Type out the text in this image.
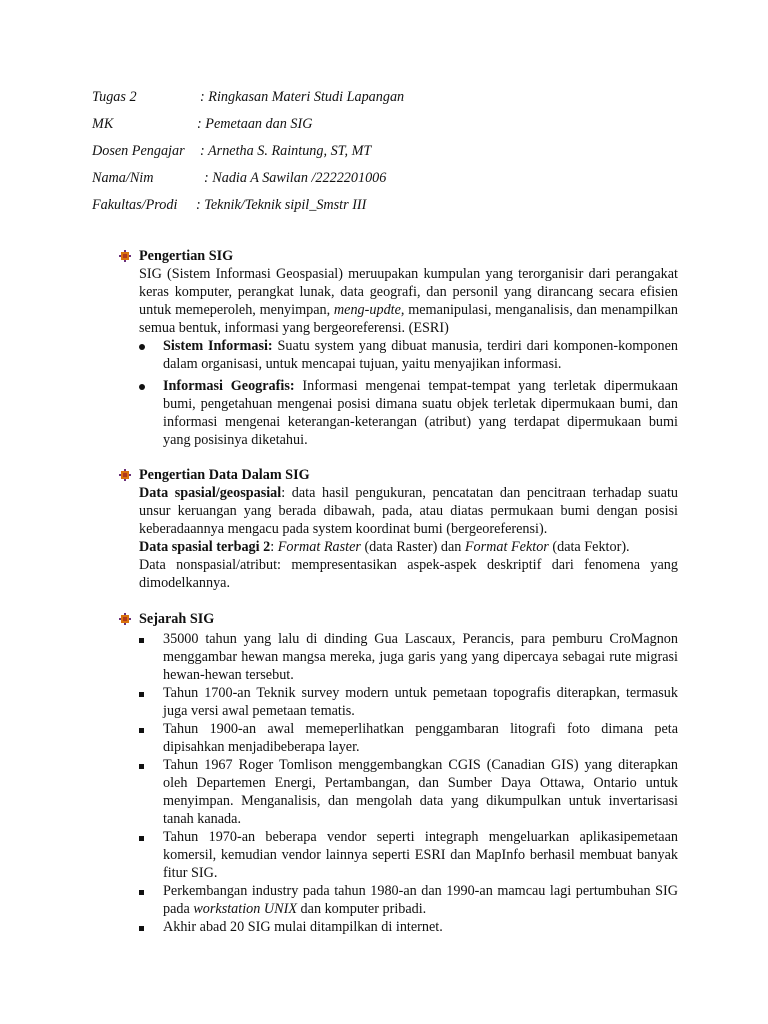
Tugas 2	: Ringkasan Materi Studi Lapangan
MK	: Pemetaan dan SIG
Dosen Pengajar : Arnetha S. Raintung, ST, MT
Nama/Nim	: Nadia A Sawilan /2222201006
Fakultas/Prodi : Teknik/Teknik sipil_Smstr III
Pengertian SIG
SIG (Sistem Informasi Geospasial) meruupakan kumpulan yang terorganisir dari perangakat keras komputer, perangkat lunak, data geografi, dan personil yang dirancang secara efisien untuk memeperoleh, menyimpan, meng-updte, memanipulasi, menganalisis, dan menampilkan semua bentuk, informasi yang bergeoreferensi. (ESRI)
Sistem Informasi: Suatu system yang dibuat manusia, terdiri dari komponen-komponen dalam organisasi, untuk mencapai tujuan, yaitu menyajikan informasi.
Informasi Geografis: Informasi mengenai tempat-tempat yang terletak dipermukaan bumi, pengetahuan mengenai posisi dimana suatu objek terletak dipermukaan bumi, dan informasi mengenai keterangan-keterangan (atribut) yang terdapat dipermukaan bumi yang posisinya diketahui.
Pengertian Data Dalam SIG
Data spasial/geospasial: data hasil pengukuran, pencatatan dan pencitraan terhadap suatu unsur keruangan yang berada dibawah, pada, atau diatas permukaan bumi dengan posisi keberadaannya mengacu pada system koordinat bumi (bergeoreferensi).
Data spasial terbagi 2: Format Raster (data Raster) dan Format Fektor (data Fektor).
Data nonspasial/atribut: mempresentasikan aspek-aspek deskriptif dari fenomena yang dimodelkannya.
Sejarah SIG
35000 tahun yang lalu di dinding Gua Lascaux, Perancis, para pemburu CroMagnon menggambar hewan mangsa mereka, juga garis yang yang dipercaya sebagai rute migrasi hewan-hewan tersebut.
Tahun 1700-an Teknik survey modern untuk pemetaan topografis diterapkan, termasuk juga versi awal pemetaan tematis.
Tahun 1900-an awal memeperlihatkan penggambaran litografi foto dimana peta dipisahkan menjadibeberapa layer.
Tahun 1967 Roger Tomlison menggembangkan CGIS (Canadian GIS) yang diterapkan oleh Departemen Energi, Pertambangan, dan Sumber Daya Ottawa, Ontario untuk menyimpan. Menganalisis, dan mengolah data yang dikumpulkan untuk invertarisasi tanah kanada.
Tahun 1970-an beberapa vendor seperti integraph mengeluarkan aplikasipemetaan komersil, kemudian vendor lainnya seperti ESRI dan MapInfo berhasil membuat banyak fitur SIG.
Perkembangan industry pada tahun 1980-an dan 1990-an mamcau lagi pertumbuhan SIG pada workstation UNIX dan komputer pribadi.
Akhir abad 20 SIG mulai ditampilkan di internet.
